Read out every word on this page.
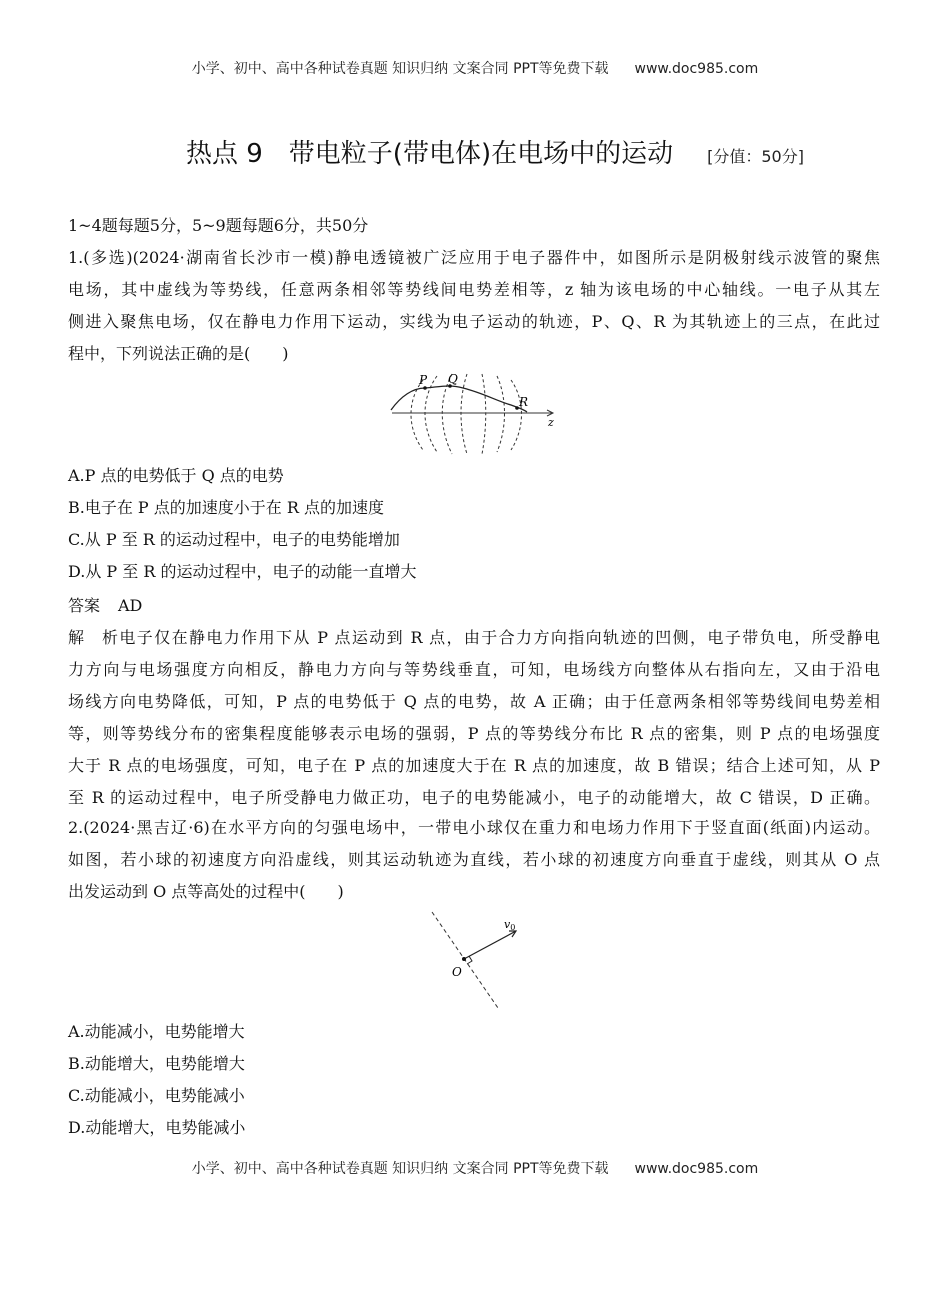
小学、初中、高中各种试卷真题 知识归纳 文案合同 PPT等免费下载 www.doc985.com
热点 9　带电粒子(带电体)在电场中的运动 [分值：50分]
1~4题每题5分，5~9题每题6分，共50分
1.(多选)(2024·湖南省长沙市一模)静电透镜被广泛应用于电子器件中，如图所示是阴极射线示波管的聚焦
电场，其中虚线为等势线，任意两条相邻等势线间电势差相等，z 轴为该电场的中心轴线。一电子从其左
侧进入聚焦电场，仅在静电力作用下运动，实线为电子运动的轨迹，P、Q、R 为其轨迹上的三点，在此过
程中，下列说法正确的是(　　)
P Q
R
z
A.P 点的电势低于 Q 点的电势
B.电子在 P 点的加速度小于在 R 点的加速度
C.从 P 至 R 的运动过程中，电子的电势能增加
D.从 P 至 R 的运动过程中，电子的动能一直增大
答案 AD
解析电子仅在静电力作用下从 P 点运动到 R 点，由于合力方向指向轨迹的凹侧，电子带负电，所受静电
力方向与电场强度方向相反，静电力方向与等势线垂直，可知，电场线方向整体从右指向左，又由于沿电
场线方向电势降低，可知，P 点的电势低于 Q 点的电势，故 A 正确；由于任意两条相邻等势线间电势差相
等，则等势线分布的密集程度能够表示电场的强弱，P 点的等势线分布比 R 点的密集，则 P 点的电场强度
大于 R 点的电场强度，可知，电子在 P 点的加速度大于在 R 点的加速度，故 B 错误；结合上述可知，从 P
至 R 的运动过程中，电子所受静电力做正功，电子的电势能减小，电子的动能增大，故 C 错误，D 正确。
2.(2024·黑吉辽·6)在水平方向的匀强电场中，一带电小球仅在重力和电场力作用下于竖直面(纸面)内运动。
如图，若小球的初速度方向沿虚线，则其运动轨迹为直线，若小球的初速度方向垂直于虚线，则其从 O 点
出发运动到 O 点等高处的过程中(　　)
O
v0
A.动能减小，电势能增大
B.动能增大，电势能增大
C.动能减小，电势能减小
D.动能增大，电势能减小
小学、初中、高中各种试卷真题 知识归纳 文案合同 PPT等免费下载 www.doc985.com
